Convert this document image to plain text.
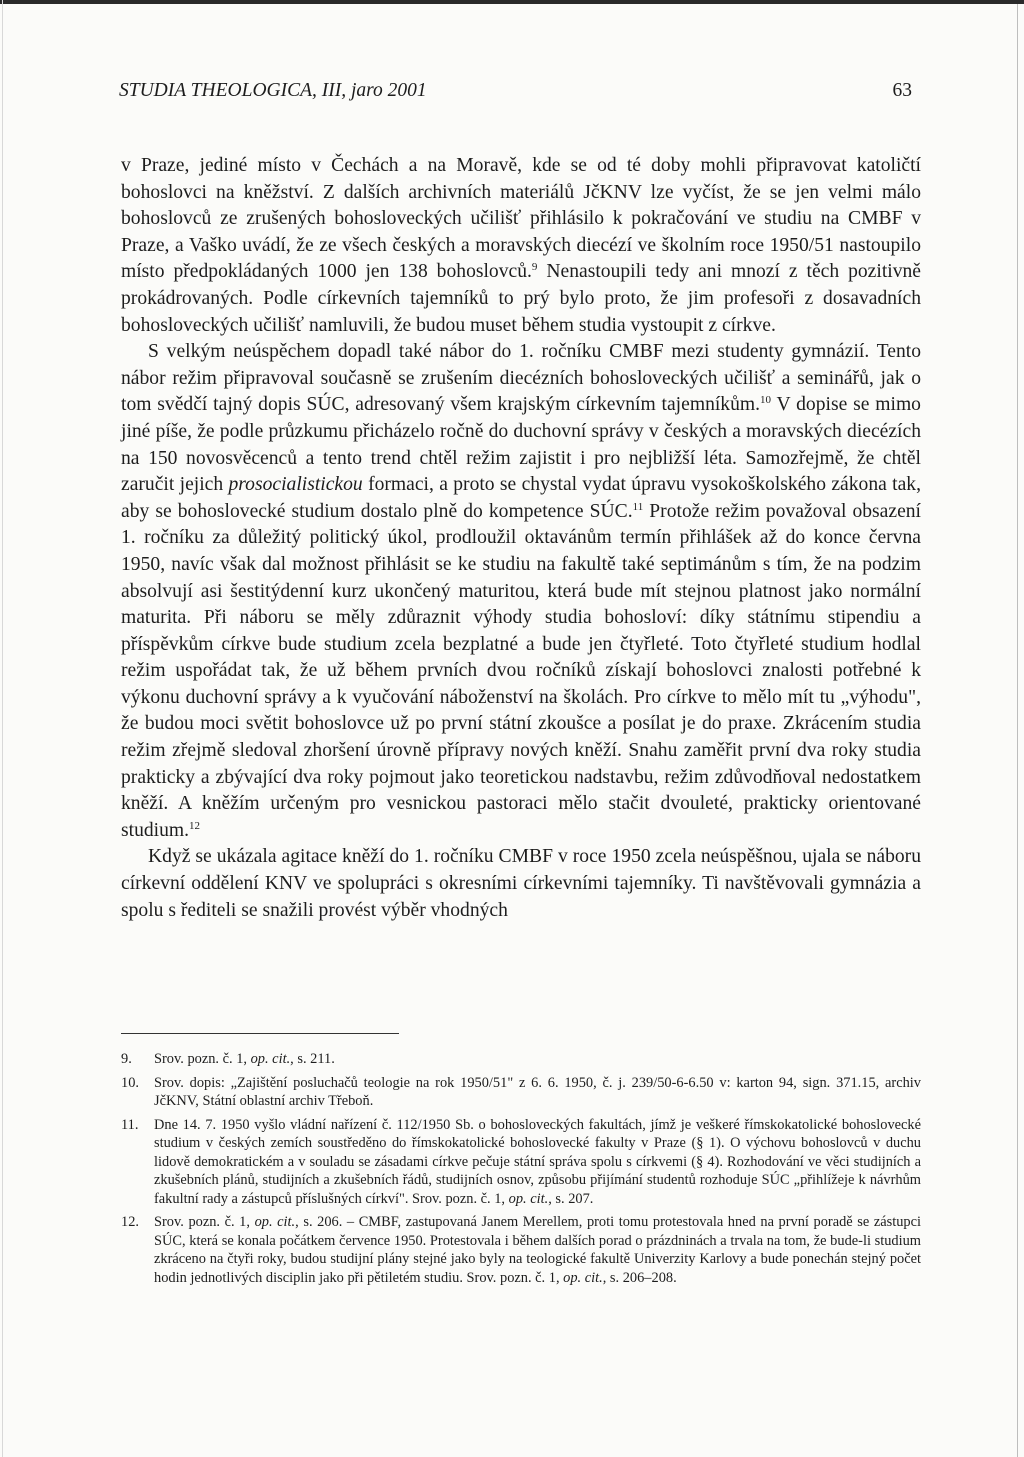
STUDIA THEOLOGICA, III, jaro 2001	63

v Praze, jediné místo v Čechách a na Moravě, kde se od té doby mohli připravovat katoličtí bohoslovci na kněžství. Z dalších archivních materiálů JčKNV lze vyčíst, že se jen velmi málo bohoslovců ze zrušených bohosloveckých učilišť přihlásilo k pokračování ve studiu na CMBF v Praze, a Vaško uvádí, že ze všech českých a moravských diecézí ve školním roce 1950/51 nastoupilo místo předpokládaných 1000 jen 138 bohoslovců.$^9$ Nenastoupili tedy ani mnozí z těch pozitivně prokádrovaných. Podle církevních tajemníků to prý bylo proto, že jim profesoři z dosavadních bohosloveckých učilišť namluvili, že budou muset během studia vystoupit z církve.

S velkým neúspěchem dopadl také nábor do 1. ročníku CMBF mezi studenty gymnázií. Tento nábor režim připravoval současně se zrušením diecézních bohosloveckých učilišť a seminářů, jak o tom svědčí tajný dopis SÚC, adresovaný všem krajským církevním tajemníkům.$^{10}$ V dopise se mimo jiné píše, že podle průzkumu přicházelo ročně do duchovní správy v českých a moravských diecézích na 150 novosvěcenců a tento trend chtěl režim zajistit i pro nejbližší léta. Samozřejmě, že chtěl zaručit jejich prosocialistickou formaci, a proto se chystal vydat úpravu vysokoškolského zákona tak, aby se bohoslovecké studium dostalo plně do kompetence SÚC.$^{11}$ Protože režim považoval obsazení 1. ročníku za důležitý politický úkol, prodloužil oktavánům termín přihlášek až do konce června 1950, navíc však dal možnost přihlásit se ke studiu na fakultě také septimánům s tím, že na podzim absolvují asi šestitýdenní kurz ukončený maturitou, která bude mít stejnou platnost jako normální maturita. Při náboru se měly zdůraznit výhody studia bohosloví: díky státnímu stipendiu a příspěvkům církve bude studium zcela bezplatné a bude jen čtyřleté. Toto čtyřleté studium hodlal režim uspořádat tak, že už během prvních dvou ročníků získají bohoslovci znalosti potřebné k výkonu duchovní správy a k vyučování náboženství na školách. Pro církve to mělo mít tu „výhodu", že budou moci světit bohoslovce už po první státní zkoušce a posílat je do praxe. Zkrácením studia režim zřejmě sledoval zhoršení úrovně přípravy nových kněží. Snahu zaměřit první dva roky studia prakticky a zbývající dva roky pojmout jako teoretickou nadstavbu, režim zdůvodňoval nedostatkem kněží. A kněžím určeným pro vesnickou pastoraci mělo stačit dvouleté, prakticky orientované studium.$^{12}$

Když se ukázala agitace kněží do 1. ročníku CMBF v roce 1950 zcela neúspěšnou, ujala se náboru církevní oddělení KNV ve spolupráci s okresními církevními tajemníky. Ti navštěvovali gymnázia a spolu s řediteli se snažili provést výběr vhodných

9.	Srov. pozn. č. 1, op. cit., s. 211.
10.	Srov. dopis: „Zajištění posluchačů teologie na rok 1950/51" z 6. 6. 1950, č. j. 239/50-6-6.50 v: karton 94, sign. 371.15, archiv JčKNV, Státní oblastní archiv Třeboň.
11.	Dne 14. 7. 1950 vyšlo vládní nařízení č. 112/1950 Sb. o bohosloveckých fakultách, jímž je veškeré římskokatolické bohoslovecké studium v českých zemích soustředěno do římskokatolické bohoslovecké fakulty v Praze (§ 1). O výchovu bohoslovců v duchu lidově demokratickém a v souladu se zásadami církve pečuje státní správa spolu s církvemi (§ 4). Rozhodování ve věci studijních a zkušebních plánů, studijních a zkušebních řádů, studijních osnov, způsobu přijímání studentů rozhoduje SÚC „přihlížeje k návrhům fakultní rady a zástupců příslušných církví". Srov. pozn. č. 1, op. cit., s. 207.
12.	Srov. pozn. č. 1, op. cit., s. 206. – CMBF, zastupovaná Janem Merellem, proti tomu protestovala hned na první poradě se zástupci SÚC, která se konala počátkem července 1950. Protestovala i během dalších porad o prázdninách a trvala na tom, že bude-li studium zkráceno na čtyři roky, budou studijní plány stejné jako byly na teologické fakultě Univerzity Karlovy a bude ponechán stejný počet hodin jednotlivých disciplin jako při pětiletém studiu. Srov. pozn. č. 1, op. cit., s. 206–208.
